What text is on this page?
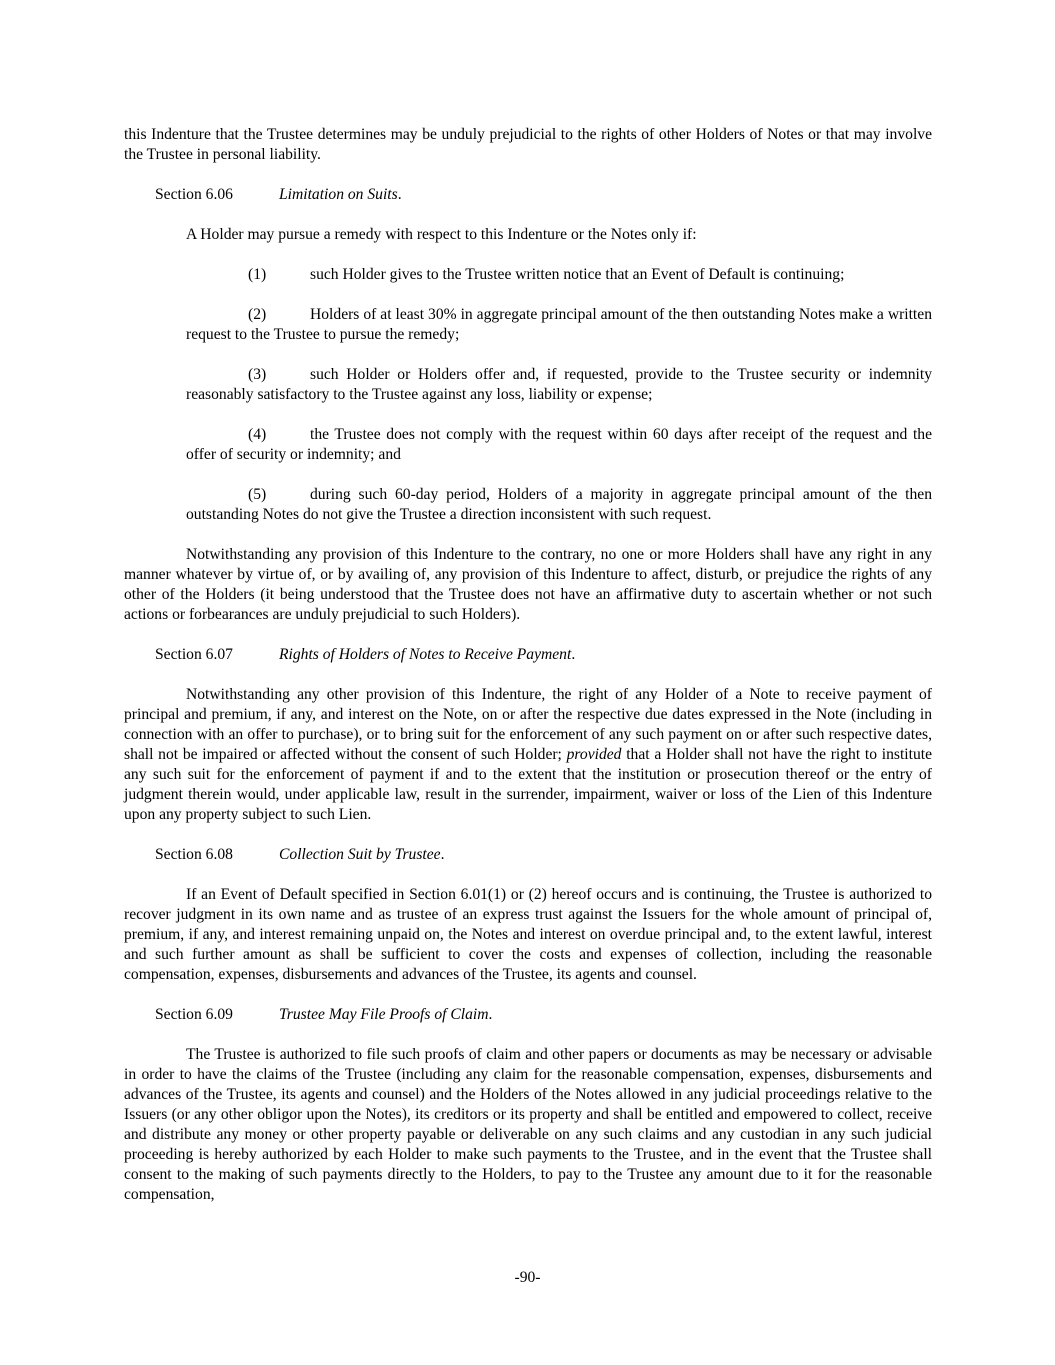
this Indenture that the Trustee determines may be unduly prejudicial to the rights of other Holders of Notes or that may involve the Trustee in personal liability.

Section 6.06	Limitation on Suits.

A Holder may pursue a remedy with respect to this Indenture or the Notes only if:

(1)	such Holder gives to the Trustee written notice that an Event of Default is continuing;

(2)	Holders of at least 30% in aggregate principal amount of the then outstanding Notes make a written request to the Trustee to pursue the remedy;

(3)	such Holder or Holders offer and, if requested, provide to the Trustee security or indemnity reasonably satisfactory to the Trustee against any loss, liability or expense;

(4)	the Trustee does not comply with the request within 60 days after receipt of the request and the offer of security or indemnity; and

(5)	during such 60-day period, Holders of a majority in aggregate principal amount of the then outstanding Notes do not give the Trustee a direction inconsistent with such request.

Notwithstanding any provision of this Indenture to the contrary, no one or more Holders shall have any right in any manner whatever by virtue of, or by availing of, any provision of this Indenture to affect, disturb, or prejudice the rights of any other of the Holders (it being understood that the Trustee does not have an affirmative duty to ascertain whether or not such actions or forbearances are unduly prejudicial to such Holders).

Section 6.07	Rights of Holders of Notes to Receive Payment.

Notwithstanding any other provision of this Indenture, the right of any Holder of a Note to receive payment of principal and premium, if any, and interest on the Note, on or after the respective due dates expressed in the Note (including in connection with an offer to purchase), or to bring suit for the enforcement of any such payment on or after such respective dates, shall not be impaired or affected without the consent of such Holder; provided that a Holder shall not have the right to institute any such suit for the enforcement of payment if and to the extent that the institution or prosecution thereof or the entry of judgment therein would, under applicable law, result in the surrender, impairment, waiver or loss of the Lien of this Indenture upon any property subject to such Lien.

Section 6.08	Collection Suit by Trustee.

If an Event of Default specified in Section 6.01(1) or (2) hereof occurs and is continuing, the Trustee is authorized to recover judgment in its own name and as trustee of an express trust against the Issuers for the whole amount of principal of, premium, if any, and interest remaining unpaid on, the Notes and interest on overdue principal and, to the extent lawful, interest and such further amount as shall be sufficient to cover the costs and expenses of collection, including the reasonable compensation, expenses, disbursements and advances of the Trustee, its agents and counsel.

Section 6.09	Trustee May File Proofs of Claim.

The Trustee is authorized to file such proofs of claim and other papers or documents as may be necessary or advisable in order to have the claims of the Trustee (including any claim for the reasonable compensation, expenses, disbursements and advances of the Trustee, its agents and counsel) and the Holders of the Notes allowed in any judicial proceedings relative to the Issuers (or any other obligor upon the Notes), its creditors or its property and shall be entitled and empowered to collect, receive and distribute any money or other property payable or deliverable on any such claims and any custodian in any such judicial proceeding is hereby authorized by each Holder to make such payments to the Trustee, and in the event that the Trustee shall consent to the making of such payments directly to the Holders, to pay to the Trustee any amount due to it for the reasonable compensation,

-90-
